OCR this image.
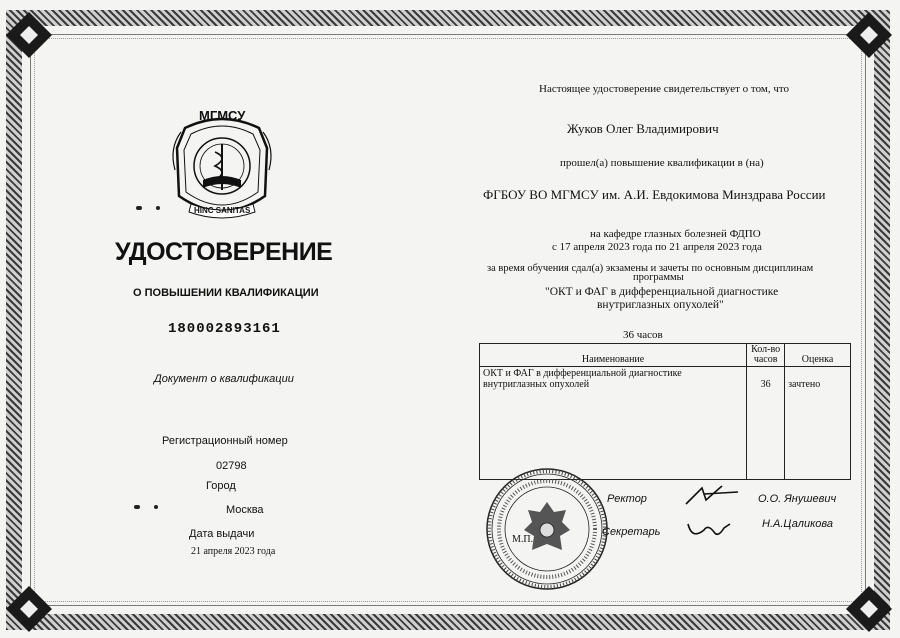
МГМСУ
HINC SANITAS
УДОСТОВЕРЕНИЕ
О ПОВЫШЕНИИ КВАЛИФИКАЦИИ
180002893161
Документ о квалификации
Регистрационный номер
02798
Город
Москва
Дата выдачи
21 апреля 2023 года
Настоящее удостоверение свидетельствует о том, что
Жуков Олег Владимирович
прошел(а) повышение квалификации в (на)
ФГБОУ ВО МГМСУ им. А.И. Евдокимова Минздрава России
на кафедре глазных болезней ФДПО
с 17 апреля 2023 года по 21 апреля 2023 года
за время обучения сдал(а) экзамены и зачеты по основным дисциплинам
программы
"ОКТ и ФАГ в дифференциальной диагностике
внутриглазных опухолей"
36 часов
Наименование	Кол-во часов	Оценка
ОКТ и ФАГ в дифференциальной диагностике внутриглазных опухолей	36	зачтено
М.П.
Ректор	О.О. Янушевич
Секретарь
Н.А.Цаликова
